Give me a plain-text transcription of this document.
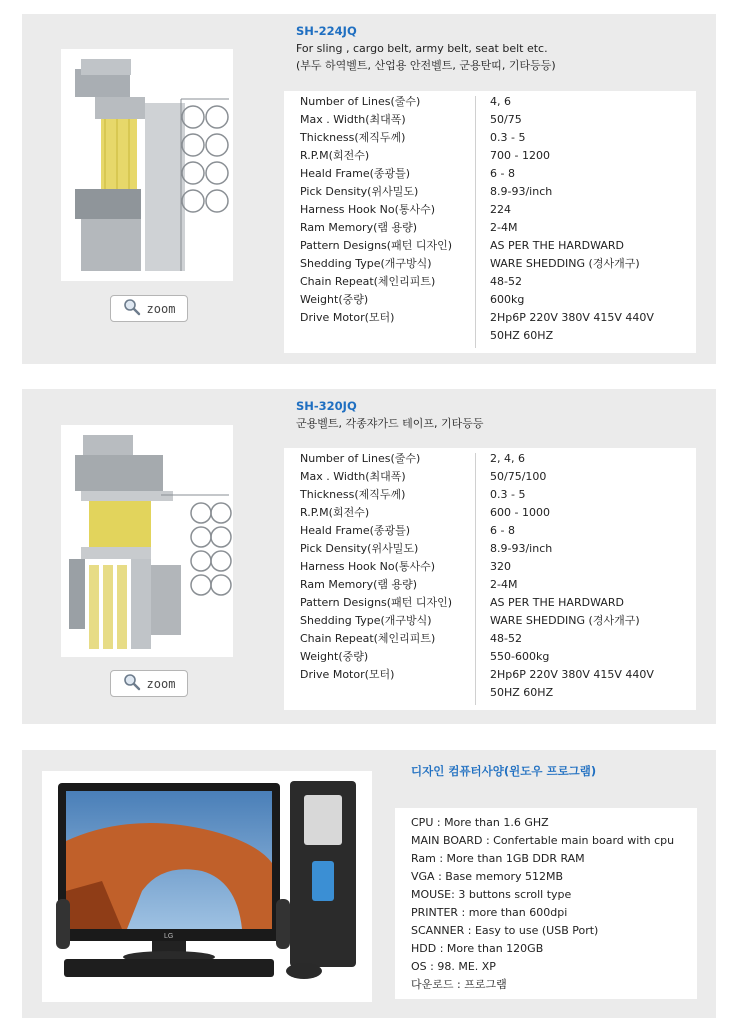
zoom
SH-224JQ
For sling , cargo belt, army belt, seat belt etc.
(부두 하역벨트, 산업용 안전벨트, 군용탄띠, 기타등등)
Number of Lines(줄수)	4, 6
Max . Width(최대폭)	50/75
Thickness(제직두께)	0.3 - 5
R.P.M(회전수)	700 - 1200
Heald Frame(종광틀)	6 - 8
Pick Density(위사밀도)	8.9-93/inch
Harness Hook No(통사수)	224
Ram Memory(램 용량)	2-4M
Pattern Designs(패턴 디자인)	AS PER THE HARDWARD
Shedding Type(개구방식)	WARE SHEDDING (경사개구)
Chain Repeat(체인리피트)	48-52
Weight(중량)	600kg
Drive Motor(모터)	2Hp6P 220V 380V 415V 440V
50HZ 60HZ
zoom
SH-320JQ
군용벨트, 각종쟈가드 테이프, 기타등등
Number of Lines(줄수)	2, 4, 6
Max . Width(최대폭)	50/75/100
Thickness(제직두께)	0.3 - 5
R.P.M(회전수)	600 - 1000
Heald Frame(종광틀)	6 - 8
Pick Density(위사밀도)	8.9-93/inch
Harness Hook No(통사수)	320
Ram Memory(램 용량)	2-4M
Pattern Designs(패턴 디자인)	AS PER THE HARDWARD
Shedding Type(개구방식)	WARE SHEDDING (경사개구)
Chain Repeat(체인리피트)	48-52
Weight(중량)	550-600kg
Drive Motor(모터)	2Hp6P 220V 380V 415V 440V
50HZ 60HZ
LG
디자인 컴퓨터사양(윈도우 프로그램)
CPU : More than 1.6 GHZ
MAIN BOARD : Confertable main board with cpu
Ram : More than 1GB DDR RAM
VGA : Base memory 512MB
MOUSE: 3 buttons scroll type
PRINTER : more than 600dpi
SCANNER : Easy to use (USB Port)
HDD : More than 120GB
OS : 98. ME. XP
다운로드 : 프로그램
